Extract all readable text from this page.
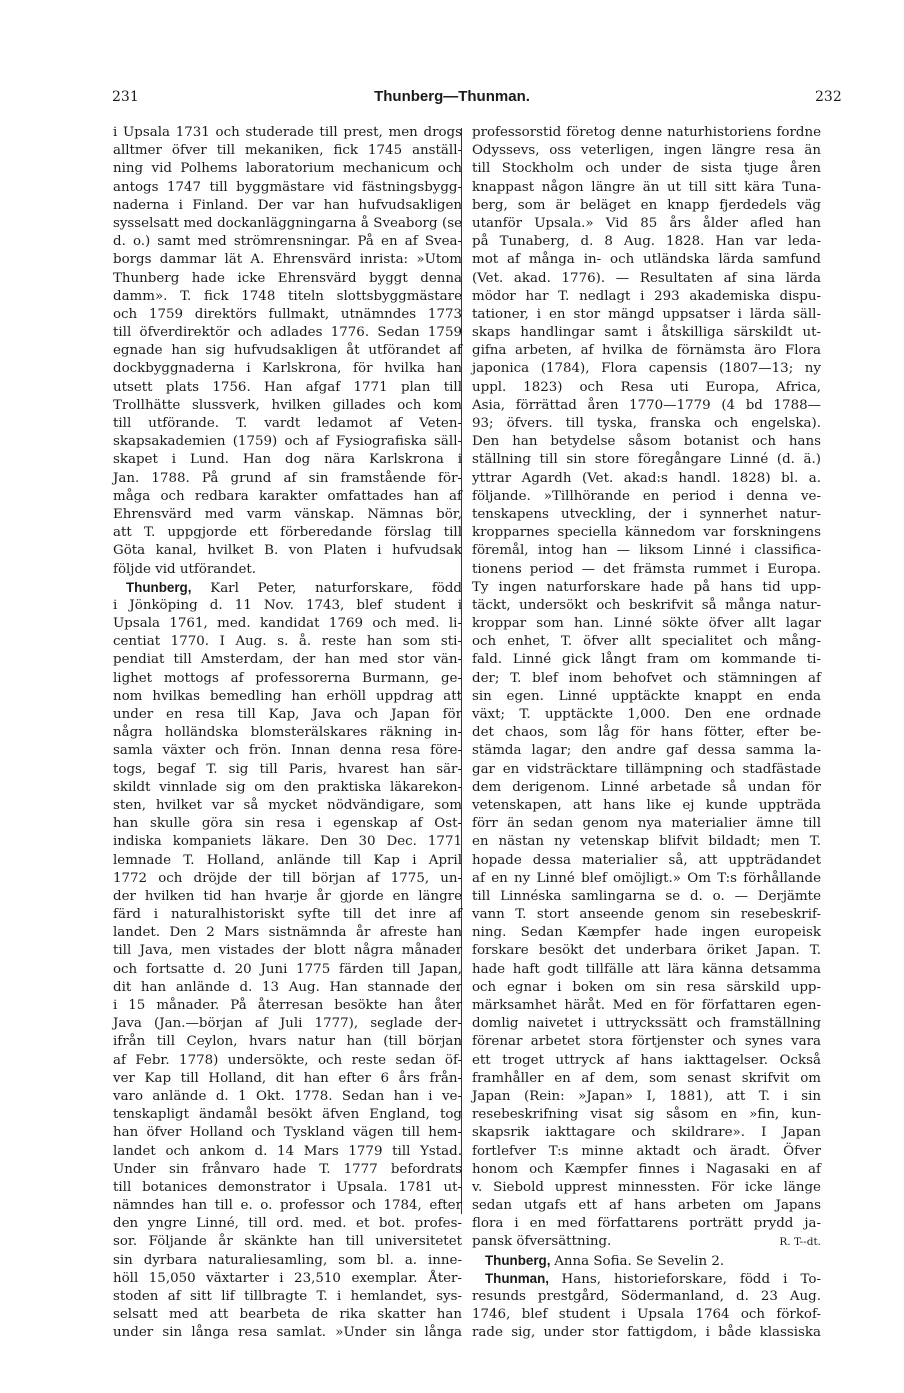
231	Thunberg—Thunman.	232
i Upsala 1731 och studerade till prest, men drogs
alltmer öfver till mekaniken, fick 1745 anställ-
ning vid Polhems laboratorium mechanicum och
antogs 1747 till byggmästare vid fästningsbygg-
naderna i Finland. Der var han hufvudsakligen
sysselsatt med dockanläggningarna å Sveaborg (se
d. o.) samt med strömrensningar. På en af Svea-
borgs dammar lät A. Ehrensvärd inrista: »Utom
Thunberg hade icke Ehrensvärd byggt denna
damm». T. fick 1748 titeln slottsbyggmästare
och 1759 direktörs fullmakt, utnämndes 1773
till öfverdirektör och adlades 1776. Sedan 1759
egnade han sig hufvudsakligen åt utförandet af
dockbyggnaderna i Karlskrona, för hvilka han
utsett plats 1756. Han afgaf 1771 plan till
Trollhätte slussverk, hvilken gillades och kom
till utförande. T. vardt ledamot af Veten-
skapsakademien (1759) och af Fysiografiska säll-
skapet i Lund. Han dog nära Karlskrona i
Jan. 1788. På grund af sin framstående för-
måga och redbara karakter omfattades han af
Ehrensvärd med varm vänskap. Nämnas bör,
att T. uppgjorde ett förberedande förslag till
Göta kanal, hvilket B. von Platen i hufvudsak
följde vid utförandet.
Thunberg, Karl Peter, naturforskare, född
i Jönköping d. 11 Nov. 1743, blef student i
Upsala 1761, med. kandidat 1769 och med. li-
centiat 1770. I Aug. s. å. reste han som sti-
pendiat till Amsterdam, der han med stor vän-
lighet mottogs af professorerna Burmann, ge-
nom hvilkas bemedling han erhöll uppdrag att
under en resa till Kap, Java och Japan för
några holländska blomsterälskares räkning in-
samla växter och frön. Innan denna resa före-
togs, begaf T. sig till Paris, hvarest han sär-
skildt vinnlade sig om den praktiska läkarekon-
sten, hvilket var så mycket nödvändigare, som
han skulle göra sin resa i egenskap af Ost-
indiska kompaniets läkare. Den 30 Dec. 1771
lemnade T. Holland, anlände till Kap i April
1772 och dröjde der till början af 1775, un-
der hvilken tid han hvarje år gjorde en längre
färd i naturalhistoriskt syfte till det inre af
landet. Den 2 Mars sistnämnda år afreste han
till Java, men vistades der blott några månader
och fortsatte d. 20 Juni 1775 färden till Japan,
dit han anlände d. 13 Aug. Han stannade der
i 15 månader. På återresan besökte han åter
Java (Jan.—början af Juli 1777), seglade der-
ifrån till Ceylon, hvars natur han (till början
af Febr. 1778) undersökte, och reste sedan öf-
ver Kap till Holland, dit han efter 6 års från-
varo anlände d. 1 Okt. 1778. Sedan han i ve-
tenskapligt ändamål besökt äfven England, tog
han öfver Holland och Tyskland vägen till hem-
landet och ankom d. 14 Mars 1779 till Ystad.
Under sin frånvaro hade T. 1777 befordrats
till botanices demonstrator i Upsala. 1781 ut-
nämndes han till e. o. professor och 1784, efter
den yngre Linné, till ord. med. et bot. profes-
sor. Följande år skänkte han till universitetet
sin dyrbara naturaliesamling, som bl. a. inne-
höll 15,050 växtarter i 23,510 exemplar. Åter-
stoden af sitt lif tillbragte T. i hemlandet, sys-
selsatt med att bearbeta de rika skatter han
under sin långa resa samlat. »Under sin långa
professorstid företog denne naturhistoriens fordne
Odyssevs, oss veterligen, ingen längre resa än
till Stockholm och under de sista tjuge åren
knappast någon längre än ut till sitt kära Tuna-
berg, som är beläget en knapp fjerdedels väg
utanför Upsala.» Vid 85 års ålder afled han
på Tunaberg, d. 8 Aug. 1828. Han var leda-
mot af många in- och utländska lärda samfund
(Vet. akad. 1776). — Resultaten af sina lärda
mödor har T. nedlagt i 293 akademiska dispu-
tationer, i en stor mängd uppsatser i lärda säll-
skaps handlingar samt i åtskilliga särskildt ut-
gifna arbeten, af hvilka de förnämsta äro Flora
japonica (1784), Flora capensis (1807—13; ny
uppl. 1823) och Resa uti Europa, Africa,
Asia, förrättad åren 1770—1779 (4 bd 1788—
93; öfvers. till tyska, franska och engelska).
Den han betydelse såsom botanist och hans
ställning till sin store föregångare Linné (d. ä.)
yttrar Agardh (Vet. akad:s handl. 1828) bl. a.
följande. »Tillhörande en period i denna ve-
tenskapens utveckling, der i synnerhet natur-
kropparnes speciella kännedom var forskningens
föremål, intog han — liksom Linné i classifica-
tionens period — det främsta rummet i Europa.
Ty ingen naturforskare hade på hans tid upp-
täckt, undersökt och beskrifvit så många natur-
kroppar som han. Linné sökte öfver allt lagar
och enhet, T. öfver allt specialitet och mång-
fald. Linné gick långt fram om kommande ti-
der; T. blef inom behofvet och stämningen af
sin egen. Linné upptäckte knappt en enda
växt; T. upptäckte 1,000. Den ene ordnade
det chaos, som låg för hans fötter, efter be-
stämda lagar; den andre gaf dessa samma la-
gar en vidsträcktare tillämpning och stadfästade
dem derigenom. Linné arbetade så undan för
vetenskapen, att hans like ej kunde uppträda
förr än sedan genom nya materialier ämne till
en nästan ny vetenskap blifvit bildadt; men T.
hopade dessa materialier så, att uppträdandet
af en ny Linné blef omöjligt.» Om T:s förhållande
till Linnéska samlingarna se d. o. — Derjämte
vann T. stort anseende genom sin resebeskrif-
ning. Sedan Kæmpfer hade ingen europeisk
forskare besökt det underbara öriket Japan. T.
hade haft godt tillfälle att lära känna detsamma
och egnar i boken om sin resa särskild upp-
märksamhet häråt. Med en för författaren egen-
domlig naivetet i uttryckssätt och framställning
förenar arbetet stora förtjenster och synes vara
ett troget uttryck af hans iakttagelser. Också
framhåller en af dem, som senast skrifvit om
Japan (Rein: »Japan» I, 1881), att T. i sin
resebeskrifning visat sig såsom en »fin, kun-
skapsrik iakttagare och skildrare». I Japan
fortlefver T:s minne aktadt och äradt. Öfver
honom och Kæmpfer finnes i Nagasaki en af
v. Siebold upprest minnessten. För icke länge
sedan utgafs ett af hans arbeten om Japans
flora i en med författarens porträtt prydd ja-
pansk öfversättning.	R. T--dt.
Thunberg, Anna Sofia. Se Sevelin 2.
Thunman, Hans, historieforskare, född i To-
resunds prestgård, Södermanland, d. 23 Aug.
1746, blef student i Upsala 1764 och förkof-
rade sig, under stor fattigdom, i både klassiska
